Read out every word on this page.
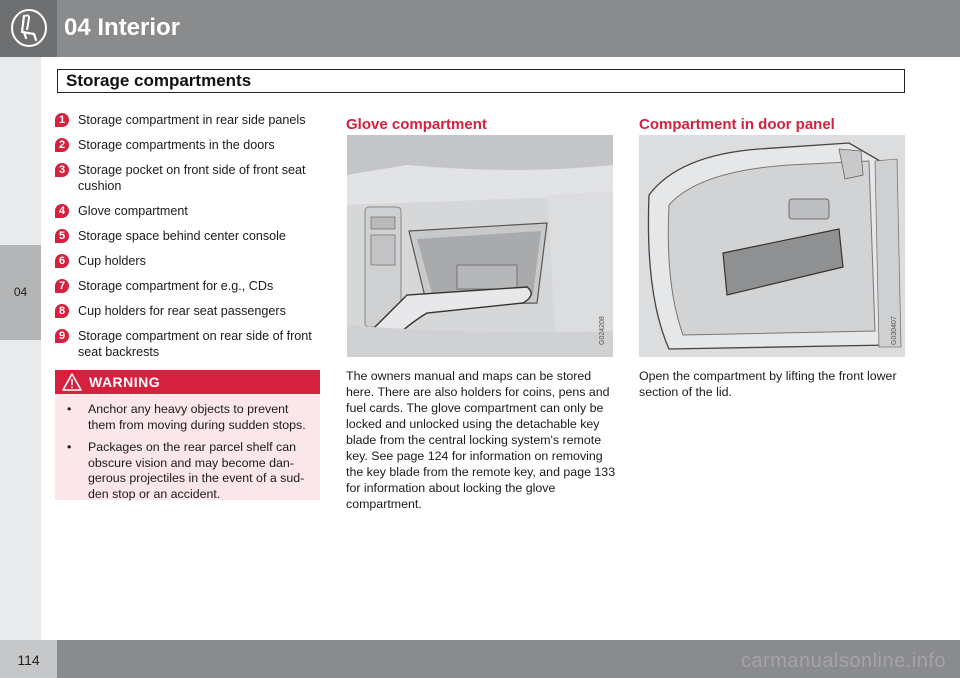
04 Interior
Storage compartments
04
1	Storage compartment in rear side panels
2	Storage compartments in the doors
3	Storage pocket on front side of front seat cushion
4	Glove compartment
5	Storage space behind center console
6	Cup holders
7	Storage compartment for e.g., CDs
8	Cup holders for rear seat passengers
9	Storage compartment on rear side of front seat backrests
WARNING
• Anchor any heavy objects to prevent them from moving during sudden stops.
• Packages on the rear parcel shelf can obscure vision and may become dan-gerous projectiles in the event of a sud-den stop or an accident.
Glove compartment
G024208
The owners manual and maps can be stored here. There are also holders for coins, pens and fuel cards. The glove compartment can only be locked and unlocked using the detachable key blade from the central locking system's remote key. See page 124 for information on removing the key blade from the remote key, and page 133 for information about locking the glove compartment.
Compartment in door panel
G030407
Open the compartment by lifting the front lower section of the lid.
114	carmanualsonline.info
